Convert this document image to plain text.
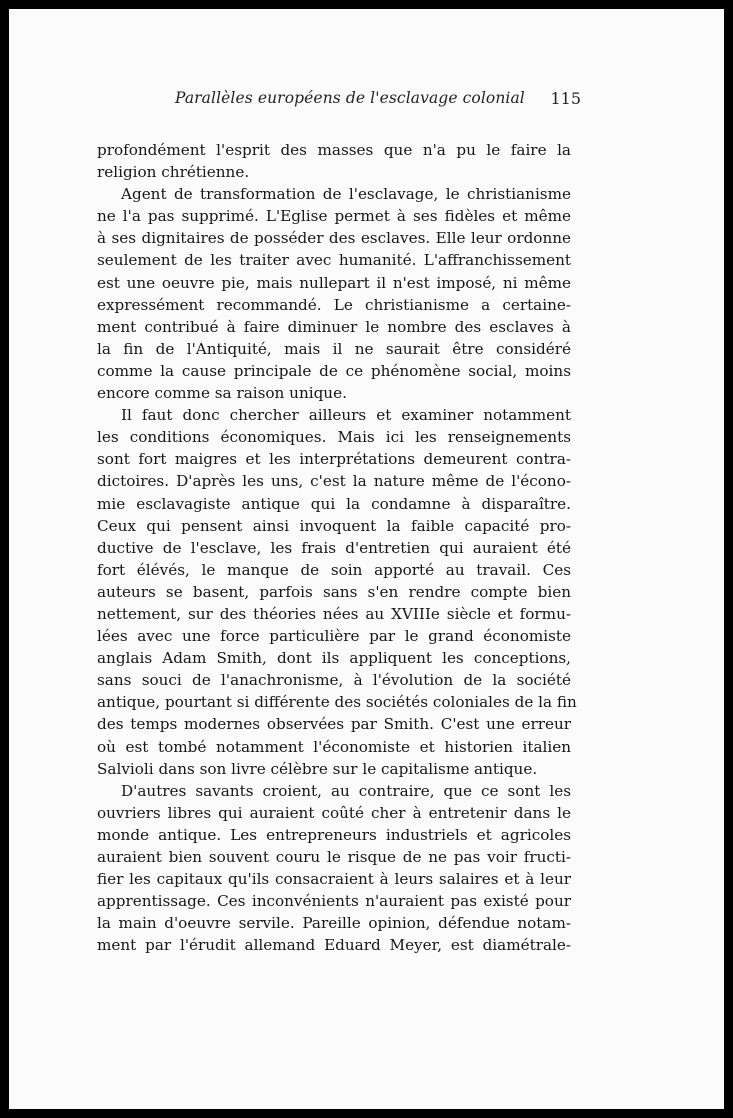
Parallèles européens de l'esclavage colonial 115
profondément l'esprit des masses que n'a pu le faire la
religion chrétienne.
Agent de transformation de l'esclavage, le christianisme
ne l'a pas supprimé. L'Eglise permet à ses fidèles et même
à ses dignitaires de posséder des esclaves. Elle leur ordonne
seulement de les traiter avec humanité. L'affranchissement
est une oeuvre pie, mais nullepart il n'est imposé, ni même
expressément recommandé. Le christianisme a certaine-
ment contribué à faire diminuer le nombre des esclaves à
la fin de l'Antiquité, mais il ne saurait être considéré
comme la cause principale de ce phénomène social, moins
encore comme sa raison unique.
Il faut donc chercher ailleurs et examiner notamment
les conditions économiques. Mais ici les renseignements
sont fort maigres et les interprétations demeurent contra-
dictoires. D'après les uns, c'est la nature même de l'écono-
mie esclavagiste antique qui la condamne à disparaître.
Ceux qui pensent ainsi invoquent la faible capacité pro-
ductive de l'esclave, les frais d'entretien qui auraient été
fort élévés, le manque de soin apporté au travail. Ces
auteurs se basent, parfois sans s'en rendre compte bien
nettement, sur des théories nées au XVIIIe siècle et formu-
lées avec une force particulière par le grand économiste
anglais Adam Smith, dont ils appliquent les conceptions,
sans souci de l'anachronisme, à l'évolution de la société
antique, pourtant si différente des sociétés coloniales de la fin
des temps modernes observées par Smith. C'est une erreur
où est tombé notamment l'économiste et historien italien
Salvioli dans son livre célèbre sur le capitalisme antique.
D'autres savants croient, au contraire, que ce sont les
ouvriers libres qui auraient coûté cher à entretenir dans le
monde antique. Les entrepreneurs industriels et agricoles
auraient bien souvent couru le risque de ne pas voir fructi-
fier les capitaux qu'ils consacraient à leurs salaires et à leur
apprentissage. Ces inconvénients n'auraient pas existé pour
la main d'oeuvre servile. Pareille opinion, défendue notam-
ment par l'érudit allemand Eduard Meyer, est diamétrale-
